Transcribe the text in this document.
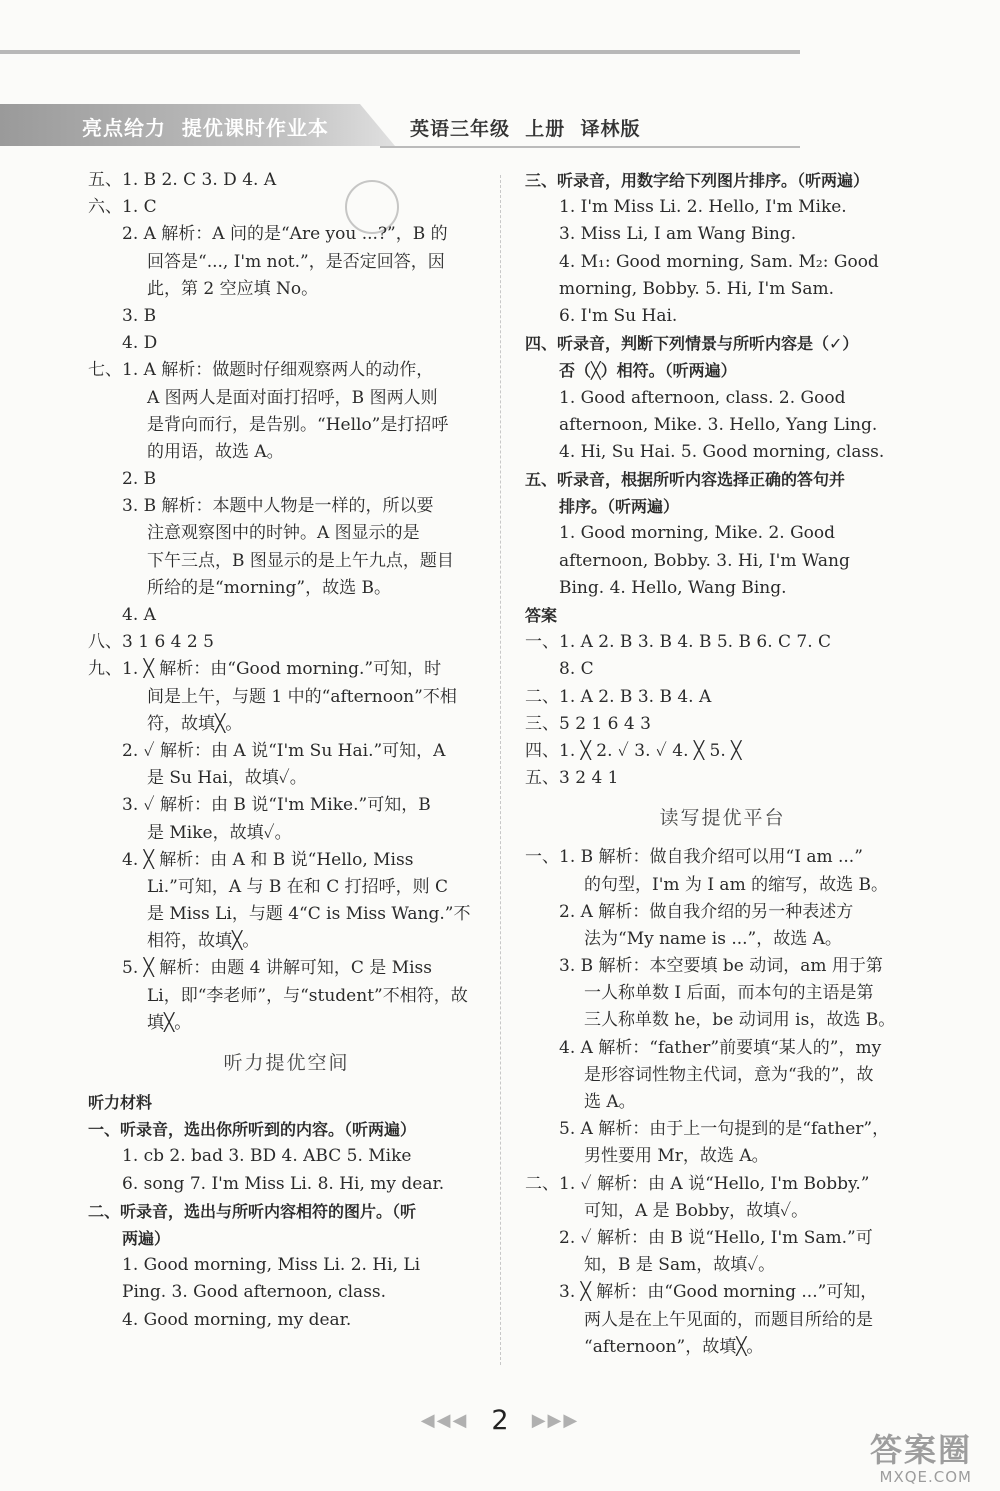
亮点给力  提优课时作业本	英语三年级  上册  译林版
五、1. B 2. C 3. D 4. A
六、1. C
2. A 解析：A 问的是“Are you ...?”，B 的
回答是“..., I'm not.”，是否定回答，因
此，第 2 空应填 No。
3. B
4. D
七、1. A 解析：做题时仔细观察两人的动作，
A 图两人是面对面打招呼，B 图两人则
是背向而行，是告别。“Hello”是打招呼
的用语，故选 A。
2. B
3. B 解析：本题中人物是一样的，所以要
注意观察图中的时钟。A 图显示的是
下午三点，B 图显示的是上午九点，题目
所给的是“morning”，故选 B。
4. A
八、3 1 6 4 2 5
九、1. ╳ 解析：由“Good morning.”可知，时
间是上午，与题 1 中的“afternoon”不相
符，故填╳。
2. ✓ 解析：由 A 说“I'm Su Hai.”可知，A
是 Su Hai，故填✓。
3. ✓ 解析：由 B 说“I'm Mike.”可知，B
是 Mike，故填✓。
4. ╳ 解析：由 A 和 B 说“Hello, Miss
Li.”可知，A 与 B 在和 C 打招呼，则 C
是 Miss Li，与题 4“C is Miss Wang.”不
相符，故填╳。
5. ╳ 解析：由题 4 讲解可知，C 是 Miss
Li，即“李老师”，与“student”不相符，故
填╳。
听力提优空间
听力材料
一、听录音，选出你所听到的内容。（听两遍）
1. cb 2. bad 3. BD 4. ABC 5. Mike
6. song 7. I'm Miss Li. 8. Hi, my dear.
二、听录音，选出与所听内容相符的图片。（听
两遍）
1. Good morning, Miss Li. 2. Hi, Li
Ping. 3. Good afternoon, class.
4. Good morning, my dear.
三、听录音，用数字给下列图片排序。（听两遍）
1. I'm Miss Li. 2. Hello, I'm Mike.
3. Miss Li, I am Wang Bing.
4. M₁: Good morning, Sam. M₂: Good
morning, Bobby. 5. Hi, I'm Sam.
6. I'm Su Hai.
四、听录音，判断下列情景与所听内容是（✓）
否（╳）相符。（听两遍）
1. Good afternoon, class. 2. Good
afternoon, Mike. 3. Hello, Yang Ling.
4. Hi, Su Hai. 5. Good morning, class.
五、听录音，根据所听内容选择正确的答句并
排序。（听两遍）
1. Good morning, Mike. 2. Good
afternoon, Bobby. 3. Hi, I'm Wang
Bing. 4. Hello, Wang Bing.
答案
一、1. A 2. B 3. B 4. B 5. B 6. C 7. C
8. C
二、1. A 2. B 3. B 4. A
三、5 2 1 6 4 3
四、1. ╳ 2. ✓ 3. ✓ 4. ╳ 5. ╳
五、3 2 4 1
读写提优平台
一、1. B 解析：做自我介绍可以用“I am ...”
的句型，I'm 为 I am 的缩写，故选 B。
2. A 解析：做自我介绍的另一种表述方
法为“My name is ...”，故选 A。
3. B 解析：本空要填 be 动词，am 用于第
一人称单数 I 后面，而本句的主语是第
三人称单数 he，be 动词用 is，故选 B。
4. A 解析：“father”前要填“某人的”，my
是形容词性物主代词，意为“我的”，故
选 A。
5. A 解析：由于上一句提到的是“father”，
男性要用 Mr，故选 A。
二、1. ✓ 解析：由 A 说“Hello, I'm Bobby.”
可知，A 是 Bobby，故填✓。
2. ✓ 解析：由 B 说“Hello, I'm Sam.”可
知，B 是 Sam，故填✓。
3. ╳ 解析：由“Good morning ...”可知，
两人是在上午见面的，而题目所给的是
“afternoon”，故填╳。
◀◀◀ 2 ▶▶▶
答案圈
MXQE.COM
